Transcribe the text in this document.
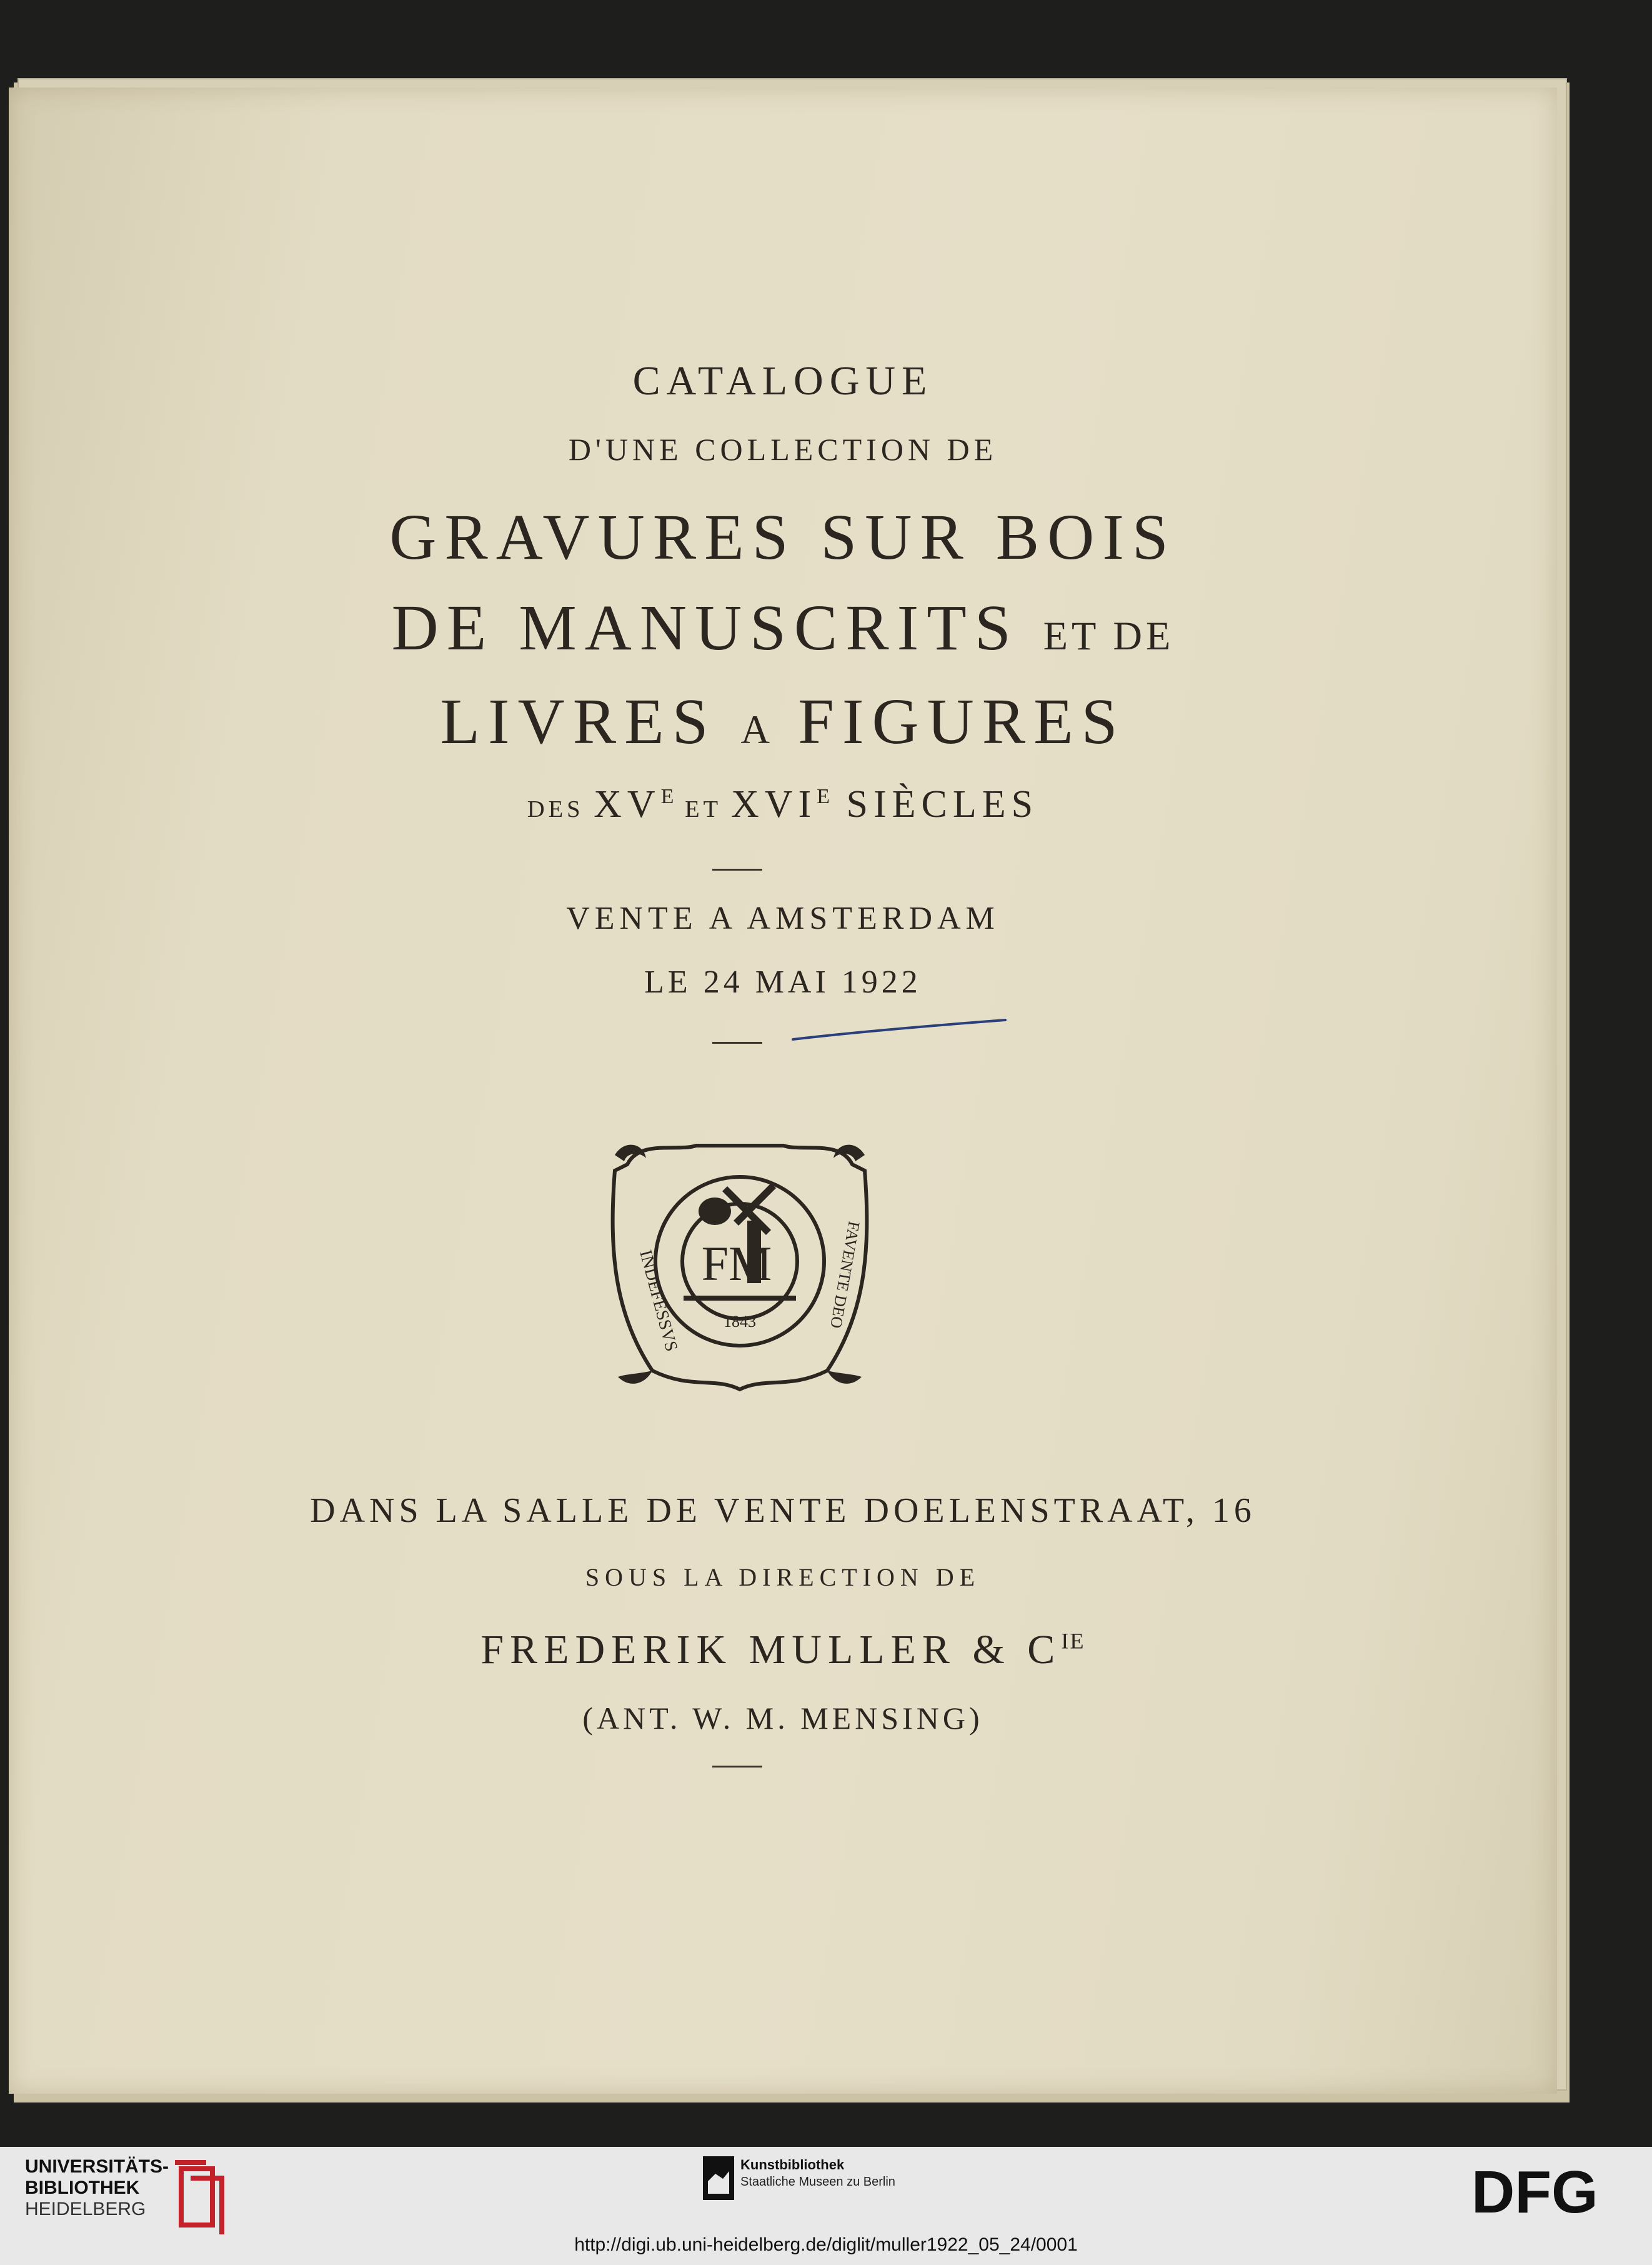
CATALOGUE
D'UNE COLLECTION DE
GRAVURES SUR BOIS
DE MANUSCRITS ET DE
LIVRES A FIGURES
DES $XV^E$ ET $XVI^E$ SIÈCLES
VENTE A AMSTERDAM
LE 24 MAI 1922
FM
1843
INDEFESSVS	FAVENTE DEO
DANS LA SALLE DE VENTE DOELENSTRAAT, 16
SOUS LA DIRECTION DE
FREDERIK MULLER & $C^{IE}$
(ANT. W. M. MENSING)
UNIVERSITÄTS-
BIBLIOTHEK
HEIDELBERG
Kunstbibliothek
Staatliche Museen zu Berlin	DFG
http://digi.ub.uni-heidelberg.de/diglit/muller1922_05_24/0001
